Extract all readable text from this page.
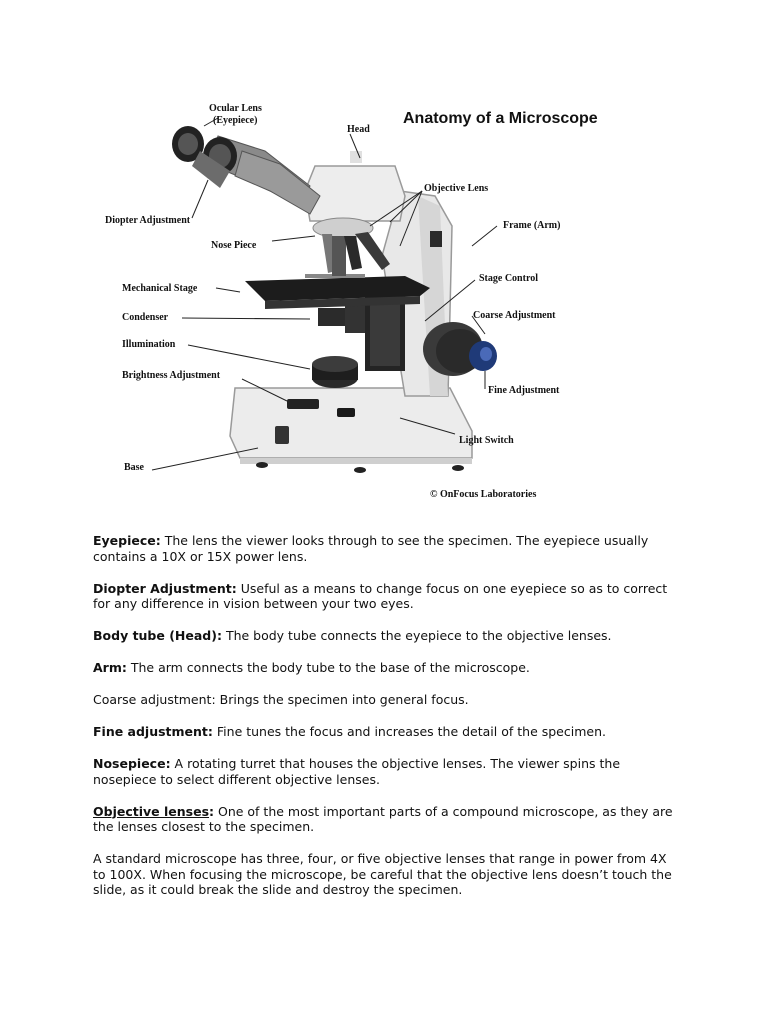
Anatomy of a Microscope
Ocular Lens
(Eyepiece)
Head
Diopter Adjustment
Objective Lens
Frame (Arm)
Nose Piece
Stage Control
Mechanical Stage
Coarse Adjustment
Condenser
Illumination
Brightness Adjustment
Fine Adjustment
Light Switch
Base
© OnFocus Laboratories

Eyepiece: The lens the viewer looks through to see the specimen. The eyepiece usually contains a 10X or 15X power lens.

Diopter Adjustment: Useful as a means to change focus on one eyepiece so as to correct for any difference in vision between your two eyes.

Body tube (Head): The body tube connects the eyepiece to the objective lenses.

Arm: The arm connects the body tube to the base of the microscope.

Coarse adjustment: Brings the specimen into general focus.

Fine adjustment: Fine tunes the focus and increases the detail of the specimen.

Nosepiece: A rotating turret that houses the objective lenses. The viewer spins the nosepiece to select different objective lenses.

Objective lenses: One of the most important parts of a compound microscope, as they are the lenses closest to the specimen.

A standard microscope has three, four, or five objective lenses that range in power from 4X to 100X. When focusing the microscope, be careful that the objective lens doesn’t touch the slide, as it could break the slide and destroy the specimen.
